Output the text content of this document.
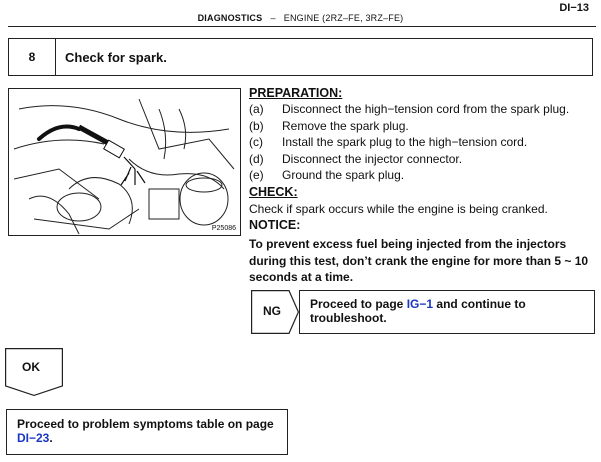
DI−13
DIAGNOSTICS – ENGINE (2RZ–FE, 3RZ–FE)
8	Check for spark.
P25086
PREPARATION:
(a) Disconnect the high−tension cord from the spark plug.
(b) Remove the spark plug.
(c) Install the spark plug to the high−tension cord.
(d) Disconnect the injector connector.
(e) Ground the spark plug.
CHECK:
Check if spark occurs while the engine is being cranked.
NOTICE:
To prevent excess fuel being injected from the injectors during this test, don’t crank the engine for more than 5 ~ 10 seconds at a time.
NG	Proceed to page IG−1 and continue to troubleshoot.
OK
Proceed to problem symptoms table on page
DI−23.
